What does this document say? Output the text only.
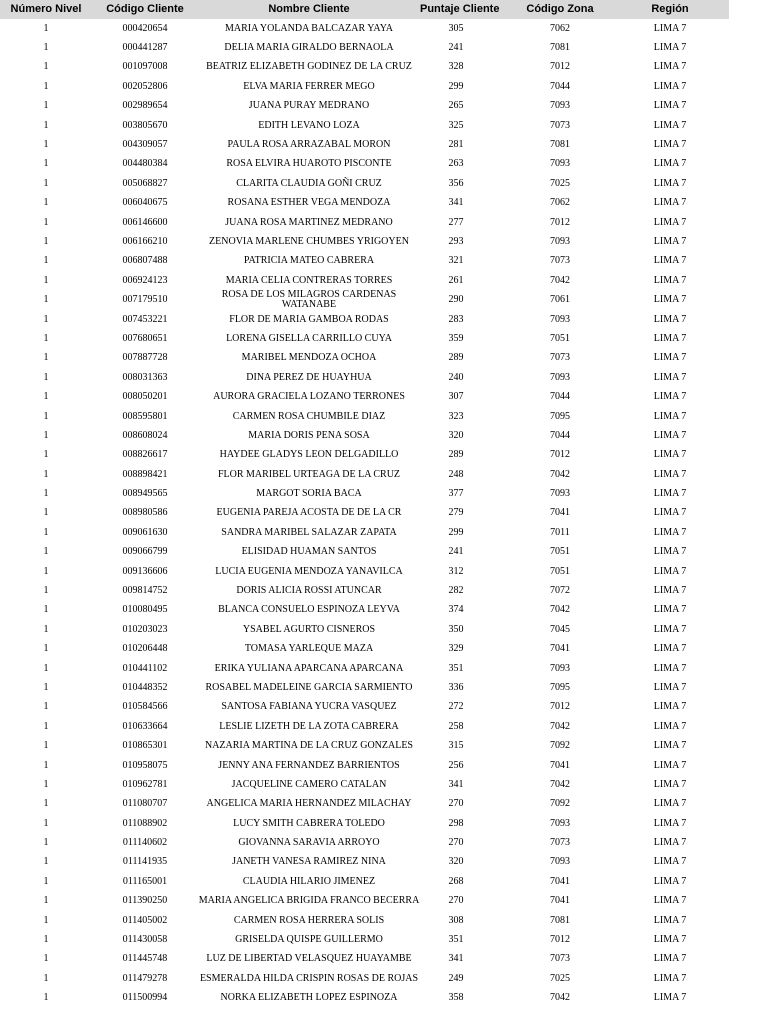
Número Nivel	Código Cliente	Nombre Cliente	Puntaje Cliente	Código Zona	Región
1	000420654	MARIA YOLANDA BALCAZAR YAYA	305	7062	LIMA 7
1	000441287	DELIA MARIA GIRALDO BERNAOLA	241	7081	LIMA 7
1	001097008	BEATRIZ ELIZABETH GODINEZ DE LA CRUZ	328	7012	LIMA 7
1	002052806	ELVA MARIA FERRER MEGO	299	7044	LIMA 7
1	002989654	JUANA PURAY MEDRANO	265	7093	LIMA 7
1	003805670	EDITH LEVANO LOZA	325	7073	LIMA 7
1	004309057	PAULA ROSA ARRAZABAL MORON	281	7081	LIMA 7
1	004480384	ROSA ELVIRA HUAROTO PISCONTE	263	7093	LIMA 7
1	005068827	CLARITA CLAUDIA GOÑI CRUZ	356	7025	LIMA 7
1	006040675	ROSANA ESTHER VEGA MENDOZA	341	7062	LIMA 7
1	006146600	JUANA ROSA MARTINEZ MEDRANO	277	7012	LIMA 7
1	006166210	ZENOVIA MARLENE CHUMBES YRIGOYEN	293	7093	LIMA 7
1	006807488	PATRICIA MATEO CABRERA	321	7073	LIMA 7
1	006924123	MARIA CELIA CONTRERAS TORRES	261	7042	LIMA 7
1	007179510	ROSA DE LOS MILAGROS CARDENAS WATANABE	290	7061	LIMA 7
1	007453221	FLOR DE MARIA GAMBOA RODAS	283	7093	LIMA 7
1	007680651	LORENA GISELLA CARRILLO CUYA	359	7051	LIMA 7
1	007887728	MARIBEL MENDOZA OCHOA	289	7073	LIMA 7
1	008031363	DINA PEREZ DE HUAYHUA	240	7093	LIMA 7
1	008050201	AURORA GRACIELA LOZANO TERRONES	307	7044	LIMA 7
1	008595801	CARMEN ROSA CHUMBILE DIAZ	323	7095	LIMA 7
1	008608024	MARIA DORIS PENA SOSA	320	7044	LIMA 7
1	008826617	HAYDEE GLADYS LEON DELGADILLO	289	7012	LIMA 7
1	008898421	FLOR MARIBEL URTEAGA DE LA CRUZ	248	7042	LIMA 7
1	008949565	MARGOT SORIA BACA	377	7093	LIMA 7
1	008980586	EUGENIA PAREJA ACOSTA DE DE LA CR	279	7041	LIMA 7
1	009061630	SANDRA MARIBEL SALAZAR ZAPATA	299	7011	LIMA 7
1	009066799	ELISIDAD HUAMAN SANTOS	241	7051	LIMA 7
1	009136606	LUCIA EUGENIA MENDOZA YANAVILCA	312	7051	LIMA 7
1	009814752	DORIS ALICIA ROSSI ATUNCAR	282	7072	LIMA 7
1	010080495	BLANCA CONSUELO ESPINOZA LEYVA	374	7042	LIMA 7
1	010203023	YSABEL AGURTO CISNEROS	350	7045	LIMA 7
1	010206448	TOMASA YARLEQUE MAZA	329	7041	LIMA 7
1	010441102	ERIKA YULIANA APARCANA APARCANA	351	7093	LIMA 7
1	010448352	ROSABEL MADELEINE GARCIA SARMIENTO	336	7095	LIMA 7
1	010584566	SANTOSA FABIANA YUCRA VASQUEZ	272	7012	LIMA 7
1	010633664	LESLIE LIZETH DE LA ZOTA CABRERA	258	7042	LIMA 7
1	010865301	NAZARIA MARTINA DE LA CRUZ GONZALES	315	7092	LIMA 7
1	010958075	JENNY ANA FERNANDEZ BARRIENTOS	256	7041	LIMA 7
1	010962781	JACQUELINE CAMERO CATALAN	341	7042	LIMA 7
1	011080707	ANGELICA MARIA HERNANDEZ MILACHAY	270	7092	LIMA 7
1	011088902	LUCY SMITH CABRERA TOLEDO	298	7093	LIMA 7
1	011140602	GIOVANNA SARAVIA ARROYO	270	7073	LIMA 7
1	011141935	JANETH VANESA RAMIREZ NINA	320	7093	LIMA 7
1	011165001	CLAUDIA HILARIO JIMENEZ	268	7041	LIMA 7
1	011390250	MARIA ANGELICA BRIGIDA FRANCO BECERRA	270	7041	LIMA 7
1	011405002	CARMEN ROSA HERRERA SOLIS	308	7081	LIMA 7
1	011430058	GRISELDA QUISPE GUILLERMO	351	7012	LIMA 7
1	011445748	LUZ DE LIBERTAD VELASQUEZ HUAYAMBE	341	7073	LIMA 7
1	011479278	ESMERALDA HILDA CRISPIN ROSAS DE ROJAS	249	7025	LIMA 7
1	011500994	NORKA ELIZABETH LOPEZ ESPINOZA	358	7042	LIMA 7
